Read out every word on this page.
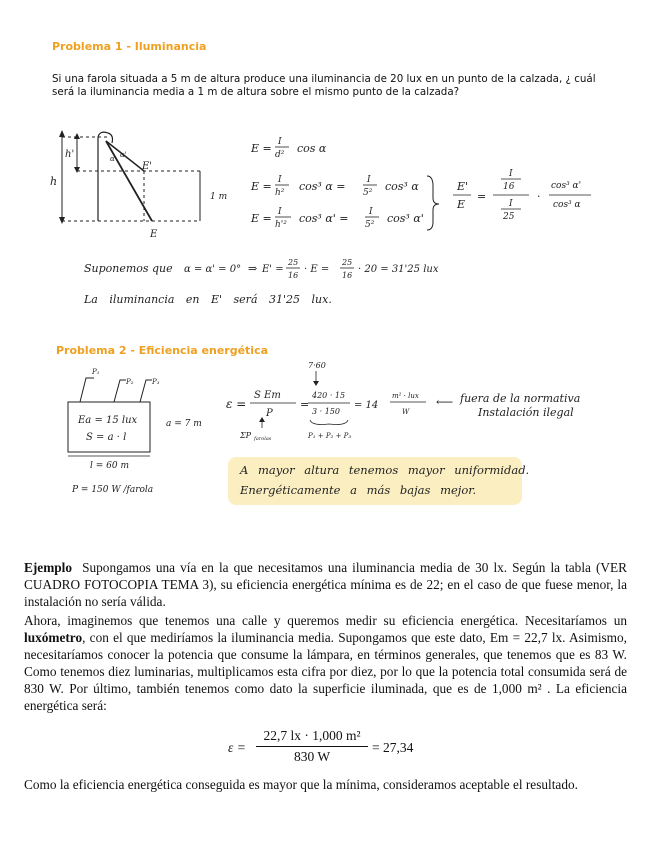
Problema 1 - Iluminancia
Si una farola situada a 5 m de altura produce una iluminancia de 20 lux en un punto de la calzada, ¿ cuál será la iluminancia media a 1 m de altura sobre el mismo punto de la calzada?
h
h'
1 m
α α'
E'
E
E = I
d² cos α
E = I
h² cos³ α = I
5² cos³ α
E = I
h'² cos³ α' = I
5² cos³ α'
E'
E
=
I
16
I
25
·
cos³ α'
cos³ α
Suponemos que α = α' = 0° ⇒ E' =
25
16
· E =
25
16
· 20 = 31'25 lux
La iluminancia en E' será 31'25 lux.
Problema 2 - Eficiencia energética
P₁
P₂	P₃
Ea = 15 lux
S = a · l
a = 7 m
l = 60 m
P = 150 W /farola
7·60
ε =
S Em
P
=
420 · 15
3 · 150
= 14
m² · lux
W
⟵ fuera de la normativa
Instalación ilegal
ΣP farolas	P₁ + P₂ + P₃
A mayor altura tenemos mayor uniformidad.
Energéticamente a más bajas mejor.
Ejemplo Supongamos una vía en la que necesitamos una iluminancia media de 30 lx. Según la tabla (VER CUADRO FOTOCOPIA TEMA 3), su eficiencia energética mínima es de 22; en el caso de que fuese menor, la instalación no sería válida.
Ahora, imaginemos que tenemos una calle y queremos medir su eficiencia energética. Necesitaríamos un luxómetro, con el que mediríamos la iluminancia media. Supongamos que este dato, Em = 22,7 lx. Asimismo, necesitaríamos conocer la potencia que consume la lámpara, en términos generales, que tenemos que es 83 W. Como tenemos diez luminarias, multiplicamos esta cifra por diez, por lo que la potencia total consumida será de 830 W. Por último, también tenemos como dato la superficie iluminada, que es de 1,000 m² . La eficiencia energética será:
ε =
22,7 lx · 1,000 m²
830 W
= 27,34
Como la eficiencia energética conseguida es mayor que la mínima, consideramos aceptable el resultado.
